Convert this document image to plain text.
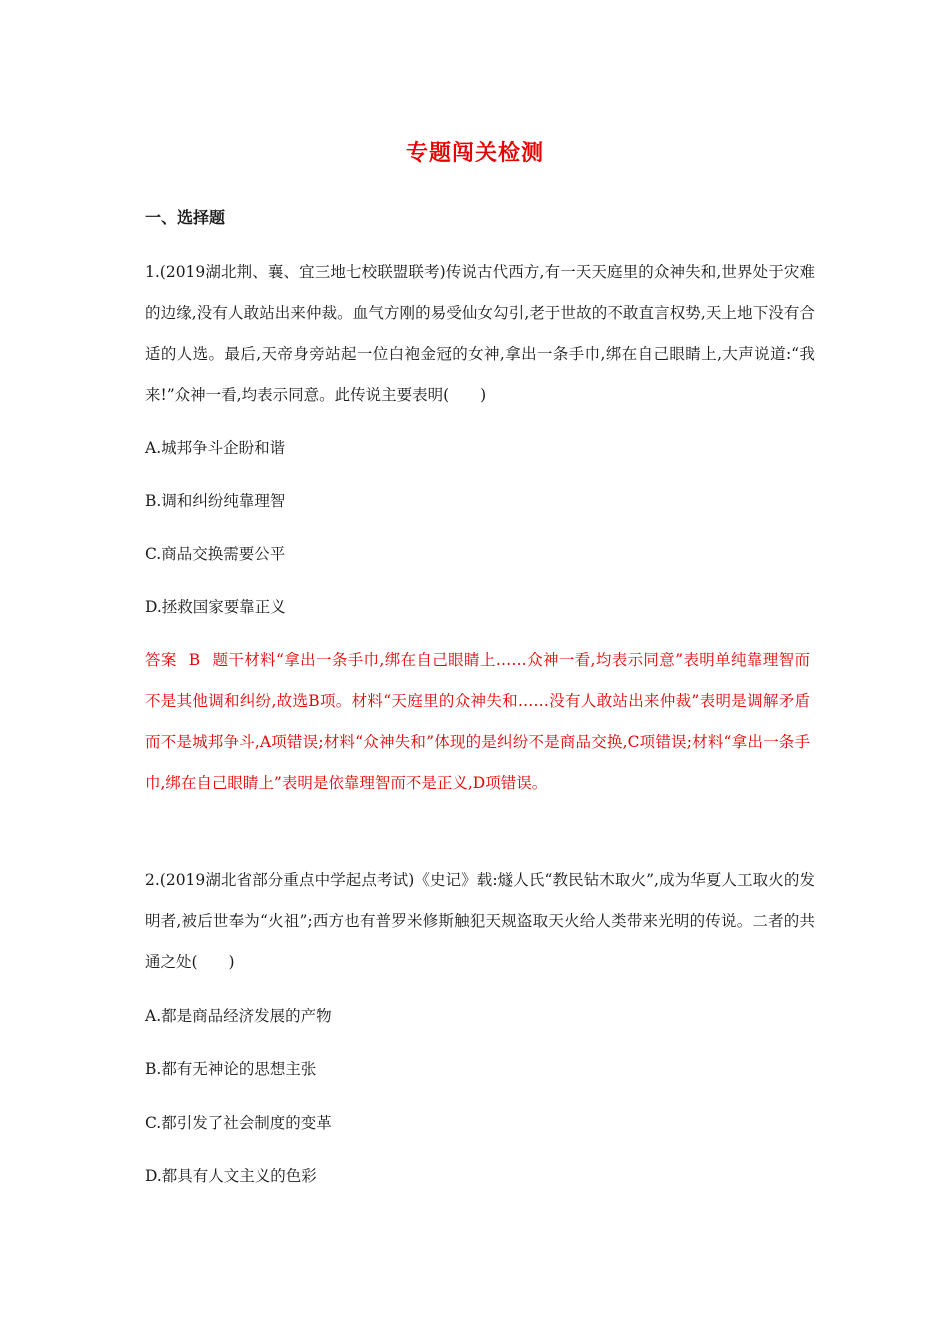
专题闯关检测
一、选择题

1.(2019湖北荆、襄、宜三地七校联盟联考)传说古代西方,有一天天庭里的众神失和,世界处于灾难的边缘,没有人敢站出来仲裁。血气方刚的易受仙女勾引,老于世故的不敢直言权势,天上地下没有合适的人选。最后,天帝身旁站起一位白袍金冠的女神,拿出一条手巾,绑在自己眼睛上,大声说道:“我来!”众神一看,均表示同意。此传说主要表明(　　)

A.城邦争斗企盼和谐

B.调和纠纷纯靠理智

C.商品交换需要公平

D.拯救国家要靠正义

答案 B 题干材料“拿出一条手巾,绑在自己眼睛上……众神一看,均表示同意”表明单纯靠理智而不是其他调和纠纷,故选B项。材料“天庭里的众神失和……没有人敢站出来仲裁”表明是调解矛盾而不是城邦争斗,A项错误;材料“众神失和”体现的是纠纷不是商品交换,C项错误;材料“拿出一条手巾,绑在自己眼睛上”表明是依靠理智而不是正义,D项错误。

2.(2019湖北省部分重点中学起点考试)《史记》载:燧人氏“教民钻木取火”,成为华夏人工取火的发明者,被后世奉为“火祖”;西方也有普罗米修斯触犯天规盗取天火给人类带来光明的传说。二者的共通之处(　　)

A.都是商品经济发展的产物

B.都有无神论的思想主张

C.都引发了社会制度的变革

D.都具有人文主义的色彩
